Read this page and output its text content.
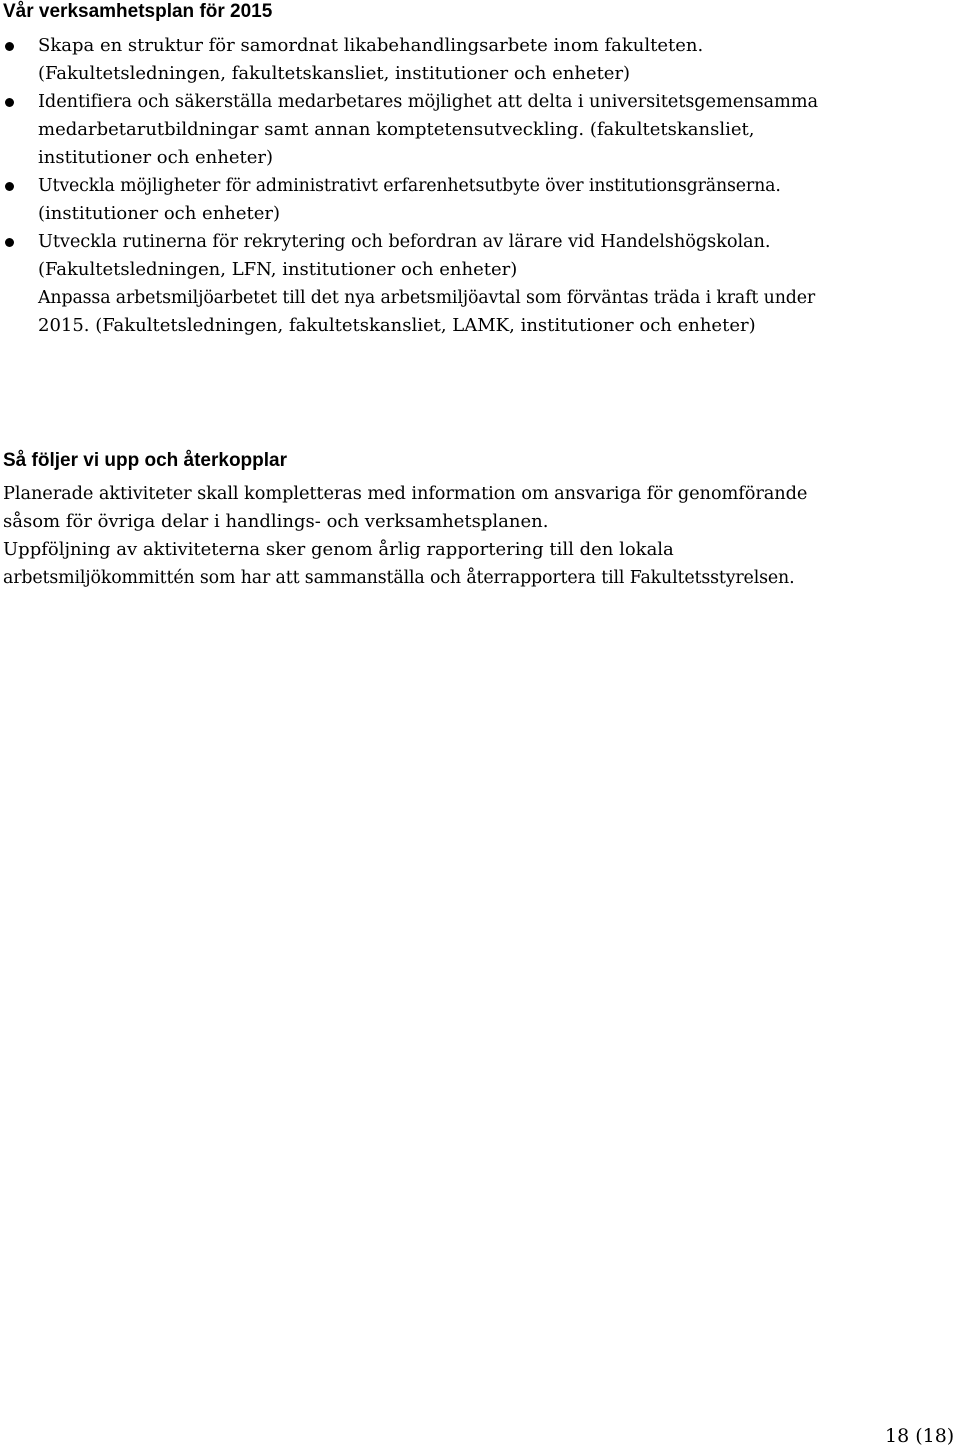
Vår verksamhetsplan för 2015
Skapa en struktur för samordnat likabehandlingsarbete inom fakulteten.
(Fakultetsledningen, fakultetskansliet, institutioner och enheter)
Identifiera och säkerställa medarbetares möjlighet att delta i universitetsgemensamma
medarbetarutbildningar samt annan komptetensutveckling. (fakultetskansliet,
institutioner och enheter)
Utveckla möjligheter för administrativt erfarenhetsutbyte över institutionsgränserna.
(institutioner och enheter)
Utveckla rutinerna för rekrytering och befordran av lärare vid Handelshögskolan.
(Fakultetsledningen, LFN, institutioner och enheter)
Anpassa arbetsmiljöarbetet till det nya arbetsmiljöavtal som förväntas träda i kraft under
2015. (Fakultetsledningen, fakultetskansliet, LAMK, institutioner och enheter)
Så följer vi upp och återkopplar
Planerade aktiviteter skall kompletteras med information om ansvariga för genomförande
såsom för övriga delar i handlings- och verksamhetsplanen.
Uppföljning av aktiviteterna sker genom årlig rapportering till den lokala
arbetsmiljökommittén som har att sammanställa och återrapportera till Fakultetsstyrelsen.
18 (18)
